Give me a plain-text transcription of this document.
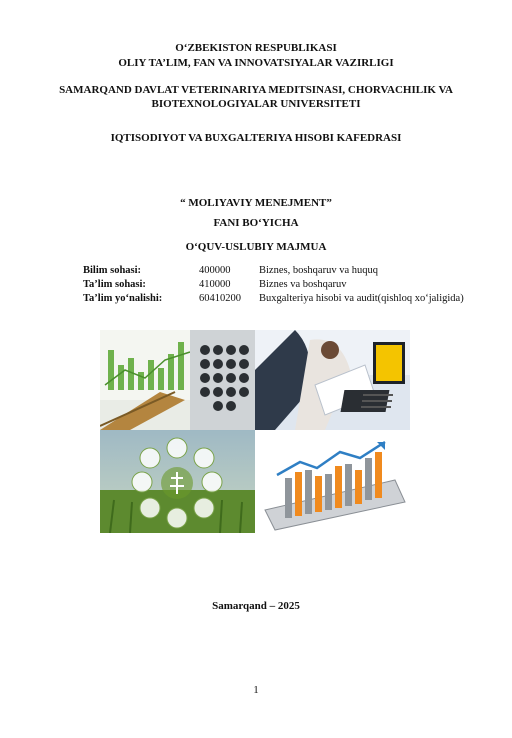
O‘ZBEKISTON RESPUBLIKASI
OLIY TA’LIM, FAN VA INNOVATSIYALAR VAZIRLIGI
SAMARQAND DAVLAT VETERINARIYA MEDITSINASI, CHORVACHILIK VA
BIOTEXNOLOGIYALAR UNIVERSITETI
IQTISODIYOT VA BUXGALTERIYA HISOBI KAFEDRASI
“ MOLIYAVIY MENEJMENT”
FANI BO‘YICHA
O‘QUV-USLUBIY MAJMUA
Bilim sohasi:	400000	Biznes, boshqaruv va huquq
Ta’lim sohasi:	410000	Biznes va boshqaruv
Ta’lim yo‘nalishi:	60410200 Buxgalteriya hisobi va audit(qishloq xo‘jaligida)
Samarqand – 2025
1
